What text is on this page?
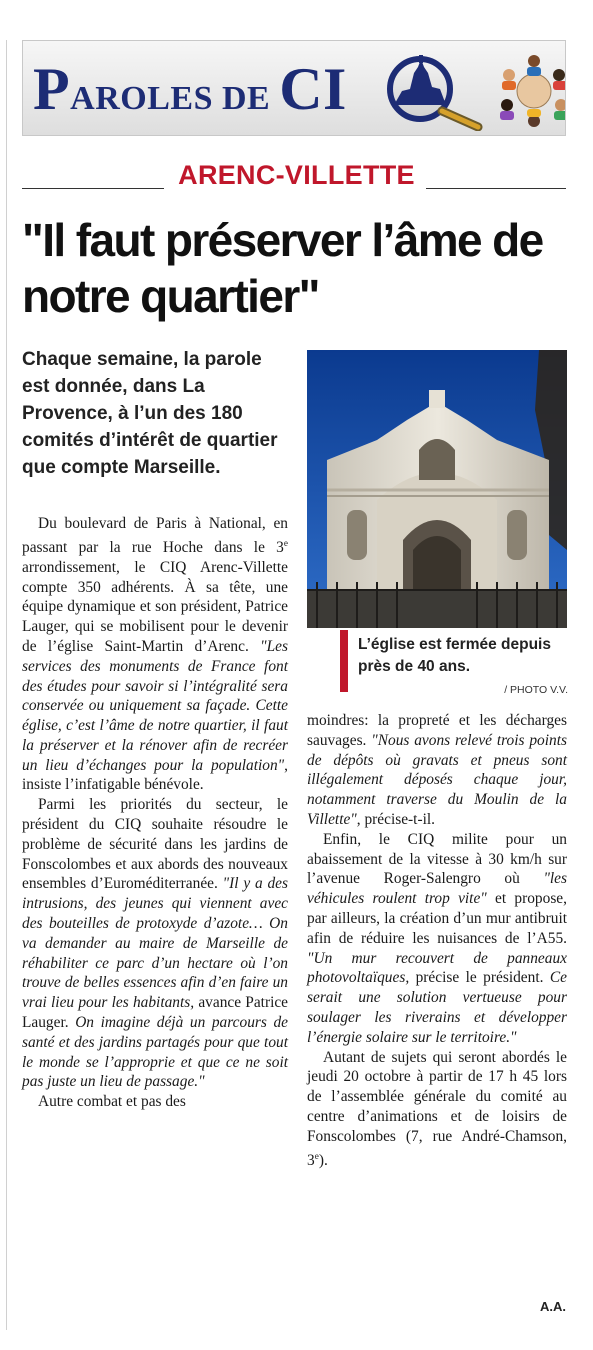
PAROLES DE CI
ARENC-VILLETTE
"Il faut préserver l’âme de notre quartier"
Chaque semaine, la parole est donnée, dans La Provence, à l’un des 180 comités d’intérêt de quartier que compte Marseille.
L’église est fermée depuis près de 40 ans.
/ PHOTO V.V.

Du boulevard de Paris à National, en passant par la rue Hoche dans le 3e arrondissement, le CIQ Arenc-Villette compte 350 adhérents. À sa tête, une équipe dynamique et son président, Patrice Lauger, qui se mobilisent pour le devenir de l’église Saint-Martin d’Arenc. "Les services des monuments de France font des études pour savoir si l’intégralité sera conservée ou uniquement sa façade. Cette église, c’est l’âme de notre quartier, il faut la préserver et la rénover afin de recréer un lieu d’échanges pour la population", insiste l’infatigable bénévole.

Parmi les priorités du secteur, le président du CIQ souhaite résoudre le problème de sécurité dans les jardins de Fonscolombes et aux abords des nouveaux ensembles d’Euroméditerranée. "Il y a des intrusions, des jeunes qui viennent avec des bouteilles de protoxyde d’azote… On va demander au maire de Marseille de réhabiliter ce parc d’un hectare où l’on trouve de belles essences afin d’en faire un vrai lieu pour les habitants, avance Patrice Lauger. On imagine déjà un parcours de santé et des jardins partagés pour que tout le monde se l’approprie et que ce ne soit pas juste un lieu de passage."

Autre combat et pas des

moindres: la propreté et les décharges sauvages. "Nous avons relevé trois points de dépôts où gravats et pneus sont illégalement déposés chaque jour, notamment traverse du Moulin de la Villette", précise-t-il.

Enfin, le CIQ milite pour un abaissement de la vitesse à 30 km/h sur l’avenue Roger-Salengro où "les véhicules roulent trop vite" et propose, par ailleurs, la création d’un mur antibruit afin de réduire les nuisances de l’A55. "Un mur recouvert de panneaux photovoltaïques, précise le président. Ce serait une solution vertueuse pour soulager les riverains et développer l’énergie solaire sur le territoire."

Autant de sujets qui seront abordés le jeudi 20 octobre à partir de 17 h 45 lors de l’assemblée générale du comité au centre d’animations et de loisirs de Fonscolombes (7, rue André-Chamson, 3e).

A.A.
